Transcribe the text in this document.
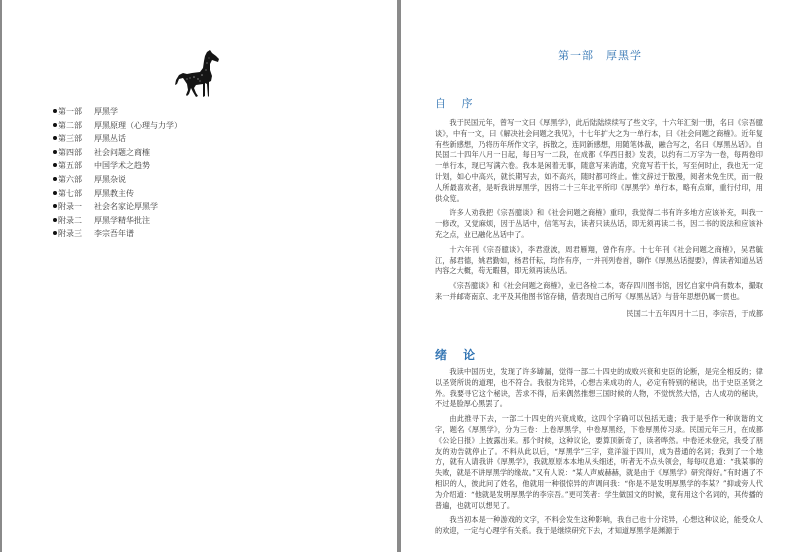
第一部 厚黑学
第二部 厚黑原理（心理与力学）
第三部 厚黑丛话
第四部 社会问题之商榷
第五部 中国学术之趋势
第六部 厚黑杂说
第七部 厚黑教主传
附录一 社会名家论厚黑学
附录二 厚黑学精华批注
附录三 李宗吾年谱
第一部　厚黑学
自 序

我于民国元年，曾写一文曰《厚黑学》，此后陆陆续续写了些文字，十六年汇刻一册，名曰《宗吾臆谈》，中有一文，曰《解决社会问题之我见》，十七年扩大之为一单行本，曰《社会问题之商榷》。近年复有些新感想，乃将历年所作文字，拆散之，连同新感想，用随笔体裁，融合写之，名曰《厚黑丛话》。自民国二十四年八月一日起，每日写一二段，在成都《华西日报》发表，以约有二万字为一卷，每两卷印一单行本，现已写满六卷。我本是闲着无事，随意写来消遣，究竟写若干长，写至何时止，我也无一定计划，如心中高兴，就长期写去，如不高兴，随时都可终止。惟文辞过于散漫，阅者未免生厌，而一般人所最喜欢者，是听我讲厚黑学，因将二十三年北平所印《厚黑学》单行本，略有点窜，重行付印，用供众览。

许多人劝我把《宗吾臆谈》和《社会问题之商榷》重印，我觉得二书有许多地方应该补充，叫我一一修改，又觉麻烦，因于丛话中，信笔写去，读者只读丛话，即无须再读二书，因二书的说法和应该补充之点，业已融化丛话中了。

十六年刊《宗吾臆谈》，李君澄波，周君雁翔，曾作有序。十七年刊《社会问题之商榷》，吴君毓江，郝君德，姚君勤如，杨君仟耘，均作有序，一并刊列卷首，聊作《厚黑丛话提要》，俾读者知道丛话内容之大概，苟无暇晷，即无须再读丛话。

《宗吾臆谈》和《社会问题之商榷》，业已各检二本，寄存四川图书馆，因忆自家中尚有数本，撮取来一并邮寄南京、北平及其他图书馆存储，借表现自己所写《厚黑丛话》与昔年思想仍属一贯也。

民国二十五年四月十二日，李宗吾，于成都

绪 论

我读中国历史，发现了许多罅漏，觉得一部二十四史的成败兴衰和史臣的论断，是完全相反的；律以圣贤所说的道理，也不符合。我很为诧异，心想古来成功的人，必定有特别的秘诀，出于史臣圣贤之外。我要寻它这个秘诀，苦求不得，后来偶然推想三国时候的人物，不觉恍然大悟，古人成功的秘诀，不过是脸厚心黑罢了。

由此推寻下去，一部二十四史的兴衰成败，这四个字确可以包括无遗；我于是乎作一种诙谐的文字，题名《厚黑学》，分为三卷：上卷厚黑学，中卷厚黑经，下卷厚黑传习录。民国元年三月，在成都《公论日报》上披露出来。那个时候，这种议论，要算顶新奇了，读者哗然。中卷还未登完，我受了朋友的劝告就停止了。不料从此以后，“厚黑学”三字，竟洋溢于四川，成为普通的名词；我到了一个地方，就有人请我讲《厚黑学》，我就原原本本地从头细述，听者无不点头领会，每每叹息道：“我某事的失败，就是不讲厚黑学的缘故。”又有人说：“某人声威赫赫，就是由于《厚黑学》研究得好。”有时遇了不相识的人，彼此问了姓名，他就用一种很惊异的声调问我：“你是不是发明厚黑学的李某？”抑或旁人代为介绍道：“他就是发明厚黑学的李宗吾。”更可笑者：学生做国文的时候，竟有用这个名词的，其传播的普遍，也就可以想见了。

我当初本是一种游戏的文字，不料会发生这种影响，我自己也十分诧异，心想这种议论，能受众人的欢迎，一定与心理学有关系。我于是继续研究下去，才知道厚黑学是渊源于
